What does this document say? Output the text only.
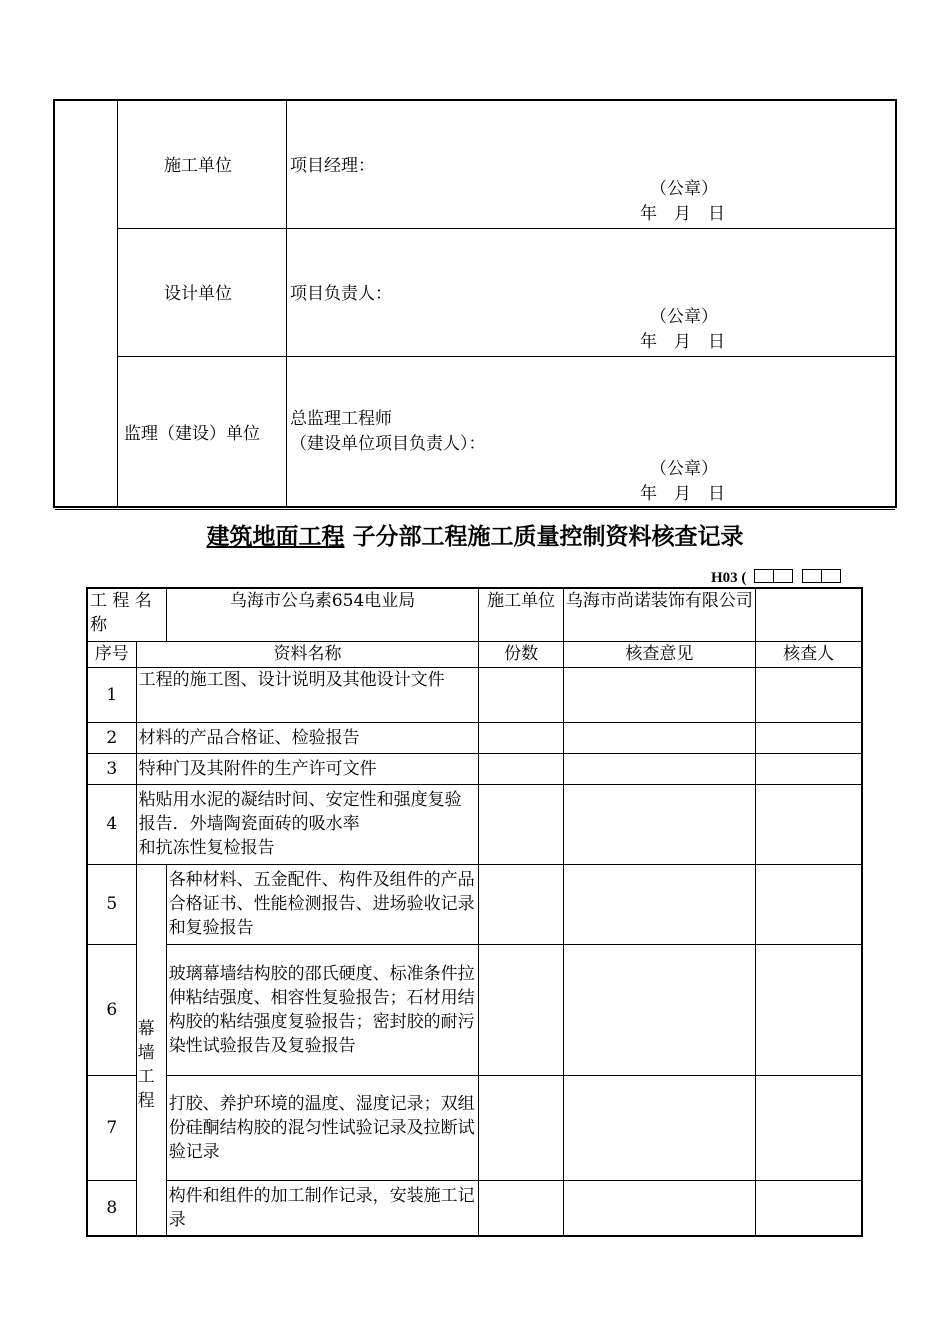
施工单位	项目经理：
（公章）
年　月　日
设计单位	项目负责人：
（公章）
年　月　日
监理（建设）单位
总监理工程师
（建设单位项目负责人）：
（公章）
年　月　日
建筑地面工程 子分部工程施工质量控制资料核查记录
H03 (
工 程 名称		乌海市公乌素654电业局	施工单位	乌海市尚诺装饰有限公司	
序号	资料名称		份数	核查意见	核查人
1	工程的施工图、设计说明及其他设计文件				
2	材料的产品合格证、检验报告				
3	特种门及其附件的生产许可文件				
4	粘贴用水泥的凝结时间、安定性和强度复验报告．外墙陶瓷面砖的吸水率
和抗冻性复检报告				
5	幕墙工程	各种材料、五金配件、构件及组件的产品合格证书、性能检测报告、进场验收记录和复验报告			
6		玻璃幕墙结构胶的邵氏硬度、标准条件拉伸粘结强度、相容性复验报告；石材用结构胶的粘结强度复验报告；密封胶的耐污染性试验报告及复验报告			
7		打胶、养护环境的温度、湿度记录；双组
份硅酮结构胶的混匀性试验记录及拉断试验记录			
8		构件和组件的加工制作记录，安装施工记录			
